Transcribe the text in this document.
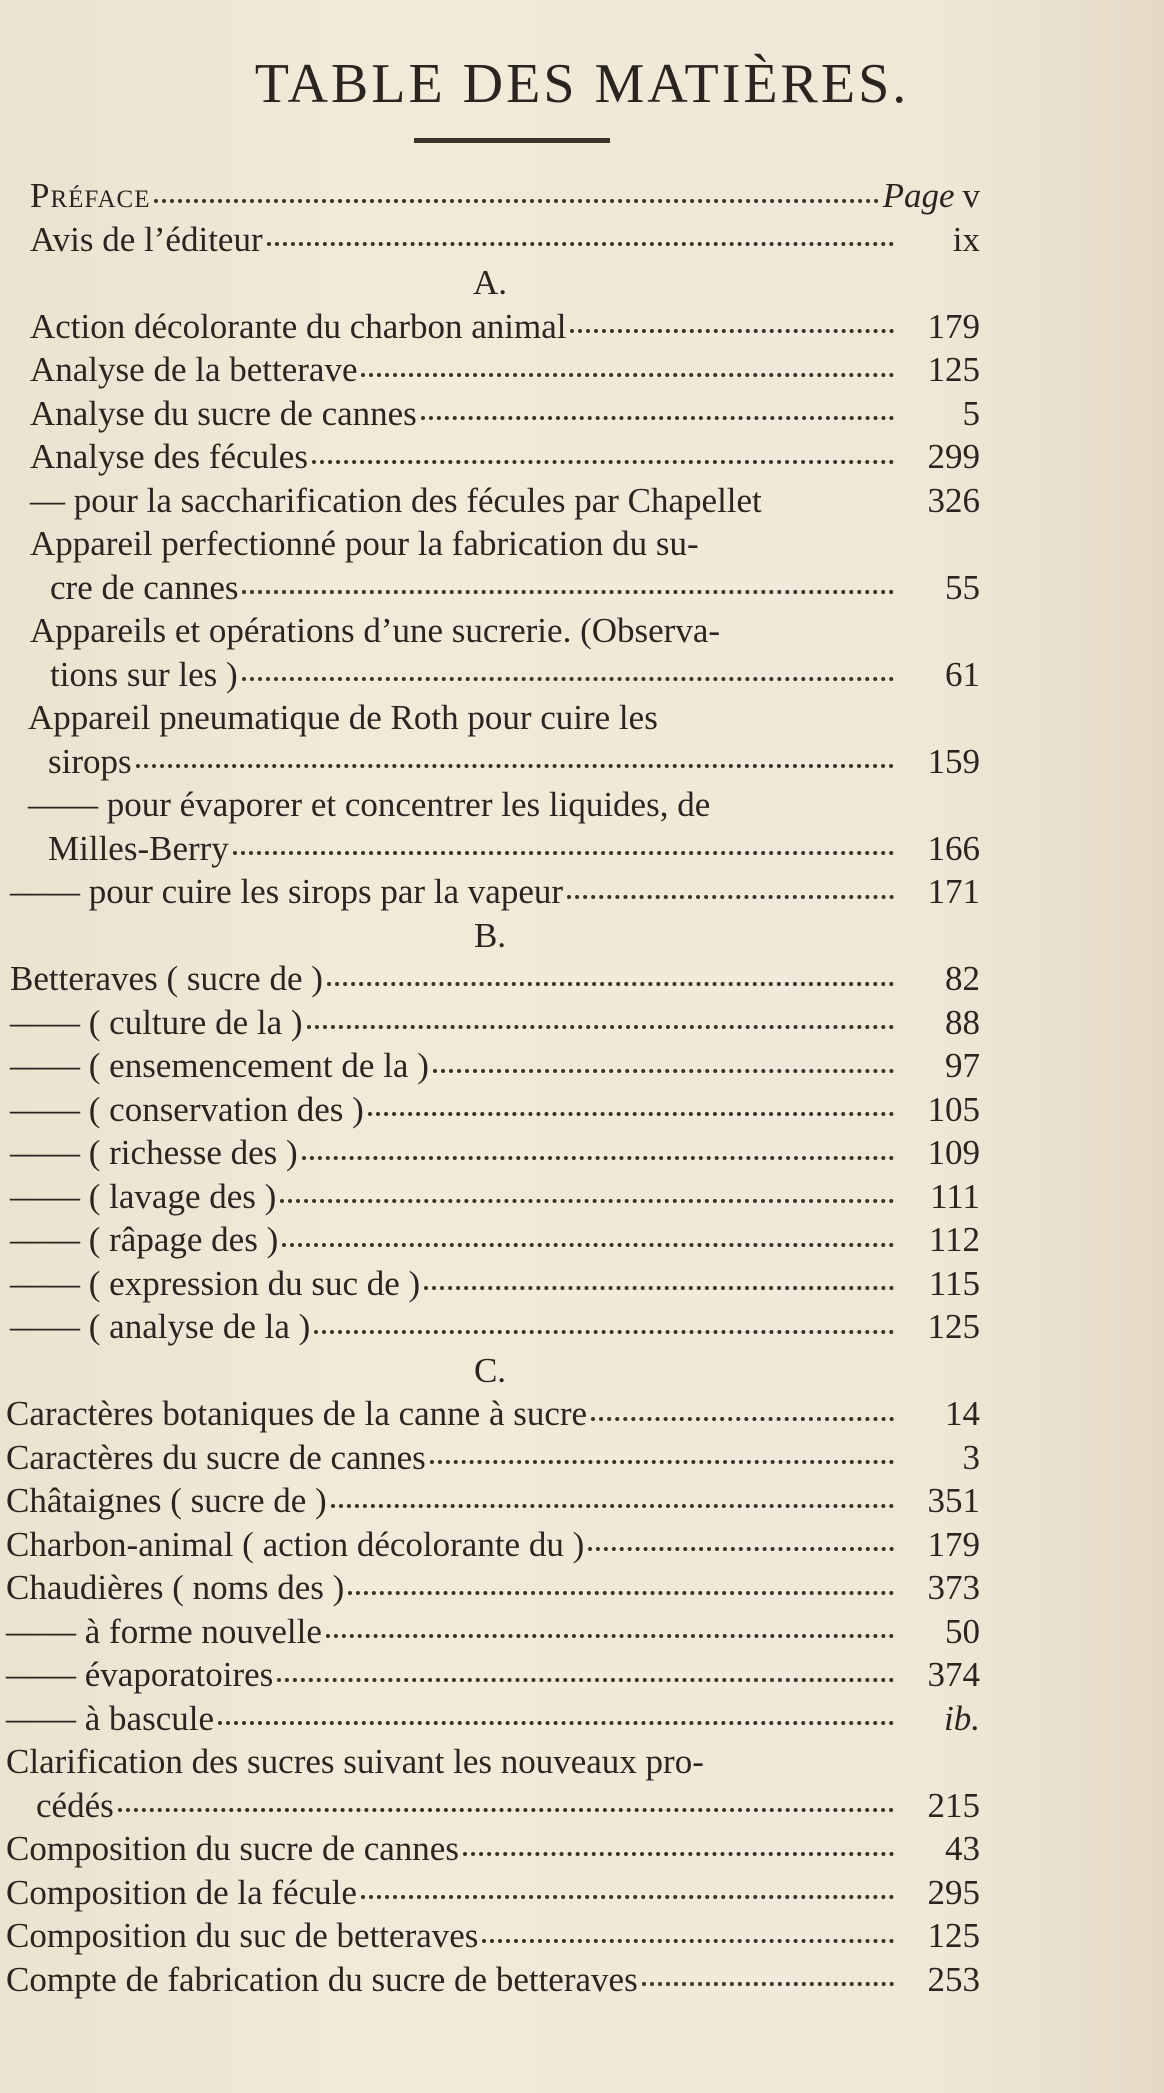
TABLE DES MATIÈRES.
Préface	Page v
Avis de l’éditeur	ix
A.
Action décolorante du charbon animal	179
Analyse de la betterave	125
Analyse du sucre de cannes	5
Analyse des fécules	299
— pour la saccharification des fécules par Chapellet	326
Appareil perfectionné pour la fabrication du su-
cre de cannes	55
Appareils et opérations d’une sucrerie. (Observa-
tions sur les )	61
Appareil pneumatique de Roth pour cuire les
sirops	159
—— pour évaporer et concentrer les liquides, de
Milles-Berry	166
—— pour cuire les sirops par la vapeur	171
B.
Betteraves ( sucre de )	82
—— ( culture de la )	88
—— ( ensemencement de la )	97
—— ( conservation des )	105
—— ( richesse des )	109
—— ( lavage des )	111
—— ( râpage des )	112
—— ( expression du suc de )	115
—— ( analyse de la )	125
C.
Caractères botaniques de la canne à sucre	14
Caractères du sucre de cannes	3
Châtaignes ( sucre de )	351
Charbon-animal ( action décolorante du )	179
Chaudières ( noms des )	373
—— à forme nouvelle	50
—— évaporatoires	374
—— à bascule	ib.
Clarification des sucres suivant les nouveaux pro-
cédés	215
Composition du sucre de cannes	43
Composition de la fécule	295
Composition du suc de betteraves	125
Compte de fabrication du sucre de betteraves	253
